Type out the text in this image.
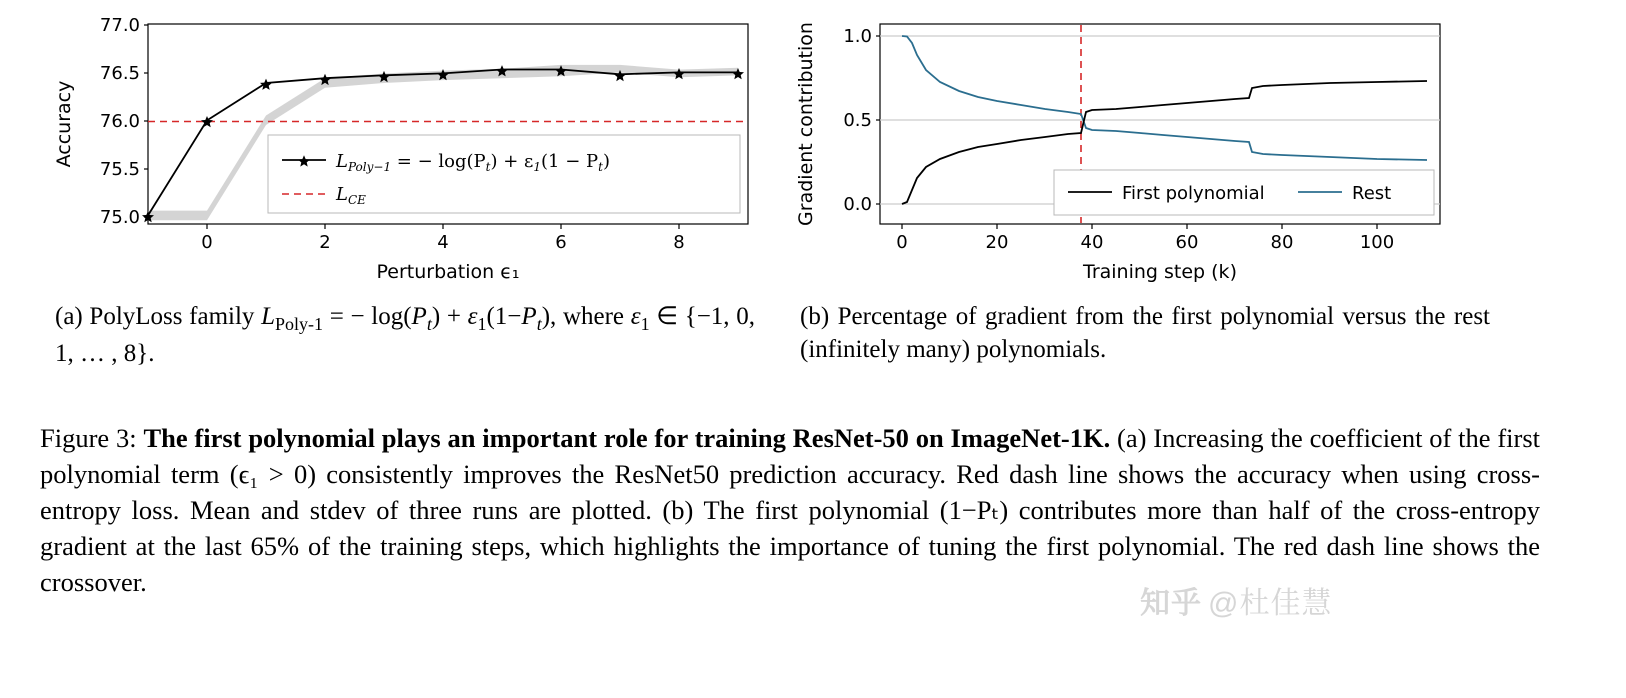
77.0
76.5
76.0
75.5
75.0
0	2	4	6	8
Perturbation ϵ₁
Accuracy	$L_{Poly-1}$ = − $\log(P_t) + \varepsilon_1(1 - P_t)$
$L_{CE}$
1.0
0.5
0.0
0	20	40	60	80	100
Training step (k)
Gradient contribution	First polynomial	Rest
(a) PolyLoss family $L_{Poly-1}$ = − $\log(P_t) + \varepsilon_1(1-P_t)$, where $\varepsilon_1$ ∈ {−1, 0, 1, … , 8}.
(b) Percentage of gradient from the first polynomial versus the rest (infinitely many) polynomials.
Figure 3: The first polynomial plays an important role for training ResNet-50 on ImageNet-1K. (a) Increasing the coefficient of the first polynomial term (ϵ₁ > 0) consistently improves the ResNet50 prediction accuracy. Red dash line shows the accuracy when using cross-entropy loss. Mean and stdev of three runs are plotted. (b) The first polynomial (1−Pₜ) contributes more than half of the cross-entropy gradient at the last 65% of the training steps, which highlights the importance of tuning the first polynomial. The red dash line shows the crossover.
知乎 @杜佳慧
